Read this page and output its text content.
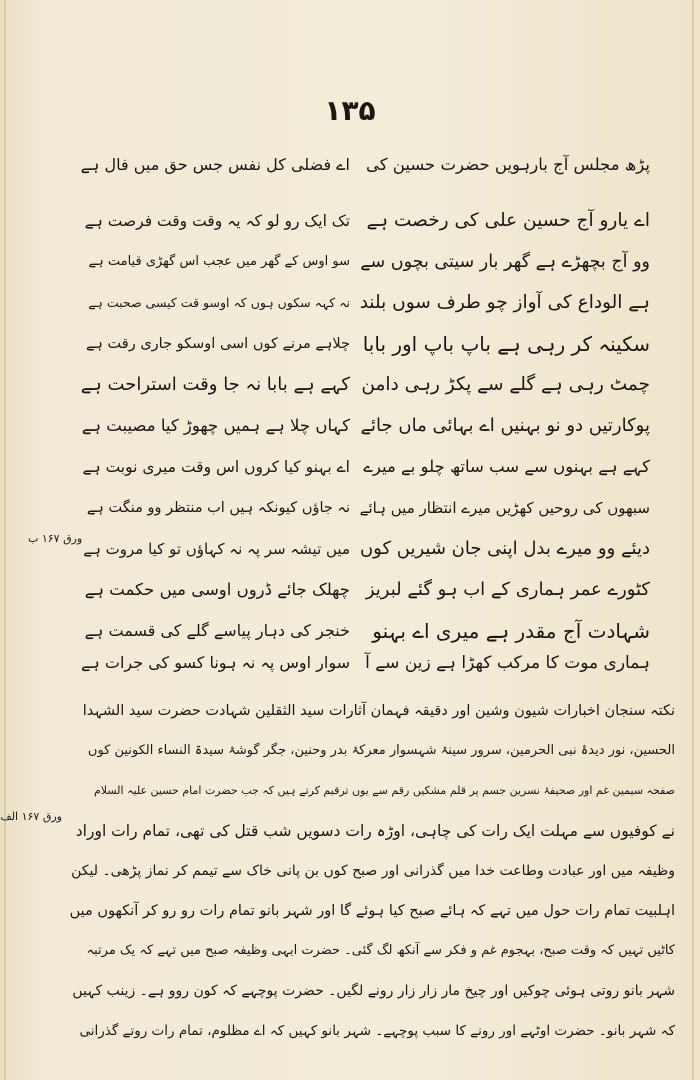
۱۳۵
پڑھ مجلس آج بارہویں حضرت حسین کی
اے یارو آج حسین علی کی رخصت ہے
وو آج بچھڑے ہے گھر بار سیتی بچوں سے
ہے الوداع کی آواز چو طرف سوں بلند
سکینہ کر رہی ہے باپ باپ اور بابا
چمٹ رہی ہے گلے سے پکڑ رہی دامن
پوکارتیں دو نو بہنیں اے بہائی ماں جائے
کہے ہے بہنوں سے سب ساتھ چلو بے میرے
سبھوں کی روحیں کھڑیں میرے انتظار میں ہائے
دیئے وو میرے بدل اپنی جان شیریں کوں
کٹورے عمر ہماری کے اب ہو گئے لبریز
شہادت آج مقدر ہے میری اے بہنو
ہماری موت کا مرکب کھڑا ہے زین سے آ
اے فضلی کل نفس جس حق میں فال ہے
تک ایک رو لو کہ یہ وقت وقت فرصت ہے
سو اوس کے گھر میں عجب اس گھڑی قیامت ہے
نہ کہہ سکوں ہوں کہ اوسو قت کیسی صحبت ہے
چلاہے مرنے کوں اسی اوسکو جاری رقت ہے
کہے ہے بابا نہ جا وقت استراحت ہے
کہاں چلا ہے ہمیں چھوڑ کیا مصیبت ہے
اے بہنو کیا کروں اس وقت میری نوبت ہے
نہ جاؤں کیونکہ ہیں اب منتظر وو منگت ہے
میں تیشہ سر پہ نہ کہاؤں تو کیا مروت ہے
چھلک جائے ڈروں اوسی میں حکمت ہے
خنجر کی دہار پیاسے گلے کی قسمت ہے
سوار اوس پہ نہ ہونا کسو کی جرات ہے
ورق ۱۶۷ ب
ورق ۱۶۷ الف
نکتہ سنجان اخبارات شیون وشین اور دقیقہ فہمان آثارات سید الثقلین شہادت حضرت سید الشہدا
الحسین، نور دیدۂ نبی الحرمین، سرور سینۂ شہسوار معرکۂ بدر وحنین، جگر گوشۂ سیدۃ النساء الکونین کوں
صفحہ سیمین غم اور صحیفۂ نسرین جسم پر قلم مشکیں رقم سے یوں ترقیم کرتے ہیں کہ جب حضرت امام حسین علیہ السلام
نے کوفیوں سے مہلت ایک رات کی چاہی، اوڑہ رات دسویں شب قتل کی تھی، تمام رات اوراد
وظیفہ میں اور عبادت وطاعت خدا میں گذرانی اور صبح کوں بن پانی خاک سے تیمم کر نماز پڑھی۔ لیکن
اہلبیت تمام رات حول میں تہے کہ ہائے صبح کیا ہوئے گا اور شہر بانو تمام رات رو رو کر آنکھوں میں
کاٹیں تہیں کہ وقت صبح، بہجوم غم و فکر سے آنکھ لگ گئی۔ حضرت ابہی وظیفہ صبح میں تہے کہ یک مرتبہ
شہر بانو روتی ہوئی چوکیں اور چیخ مار زار زار رونے لگیں۔ حضرت پوچہے کہ کون روو ہے۔ زینب کہیں
کہ شہر بانو۔ حضرت اوٹہے اور رونے کا سبب پوچہے۔ شہر بانو کہیں کہ اے مظلوم، تمام رات روتے گذرانی
